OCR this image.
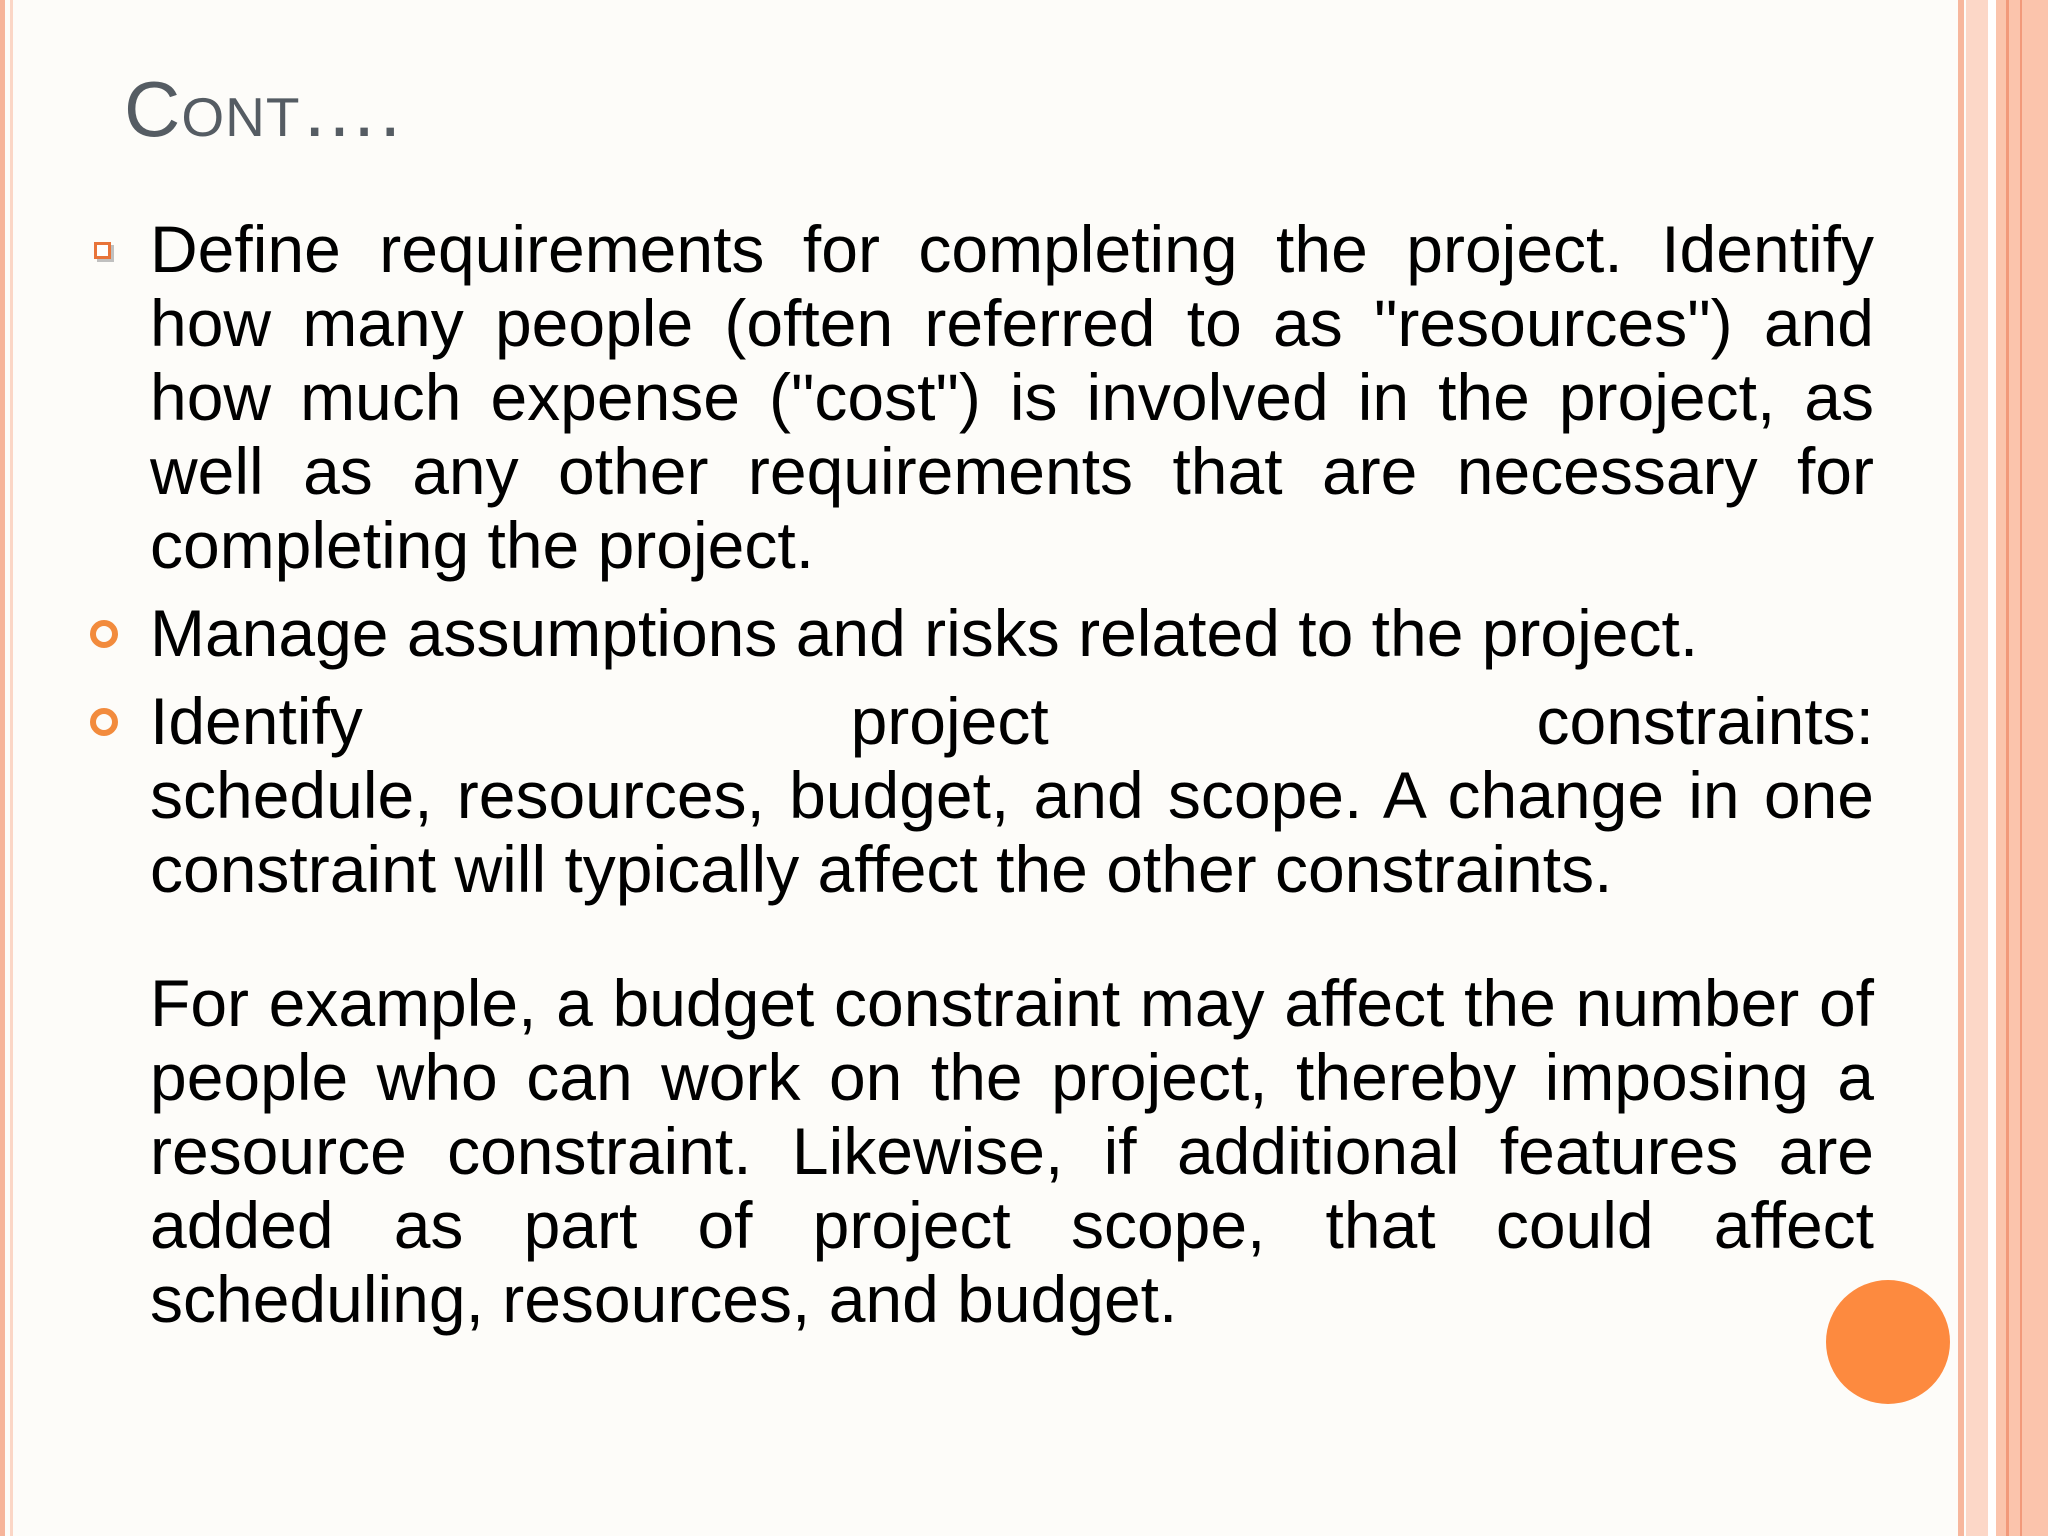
Cont….
Define requirements for completing the project. Identify how many people (often referred to as "resources") and how much expense ("cost") is involved in the project, as well as any other requirements that are necessary for completing the project.
Manage assumptions and risks related to the project.
Identify project constraints:
schedule, resources, budget, and scope. A change in one constraint will typically affect the other constraints.
For example, a budget constraint may affect the number of people who can work on the project, thereby imposing a resource constraint. Likewise, if additional features are added as part of project scope, that could affect scheduling, resources, and budget.
